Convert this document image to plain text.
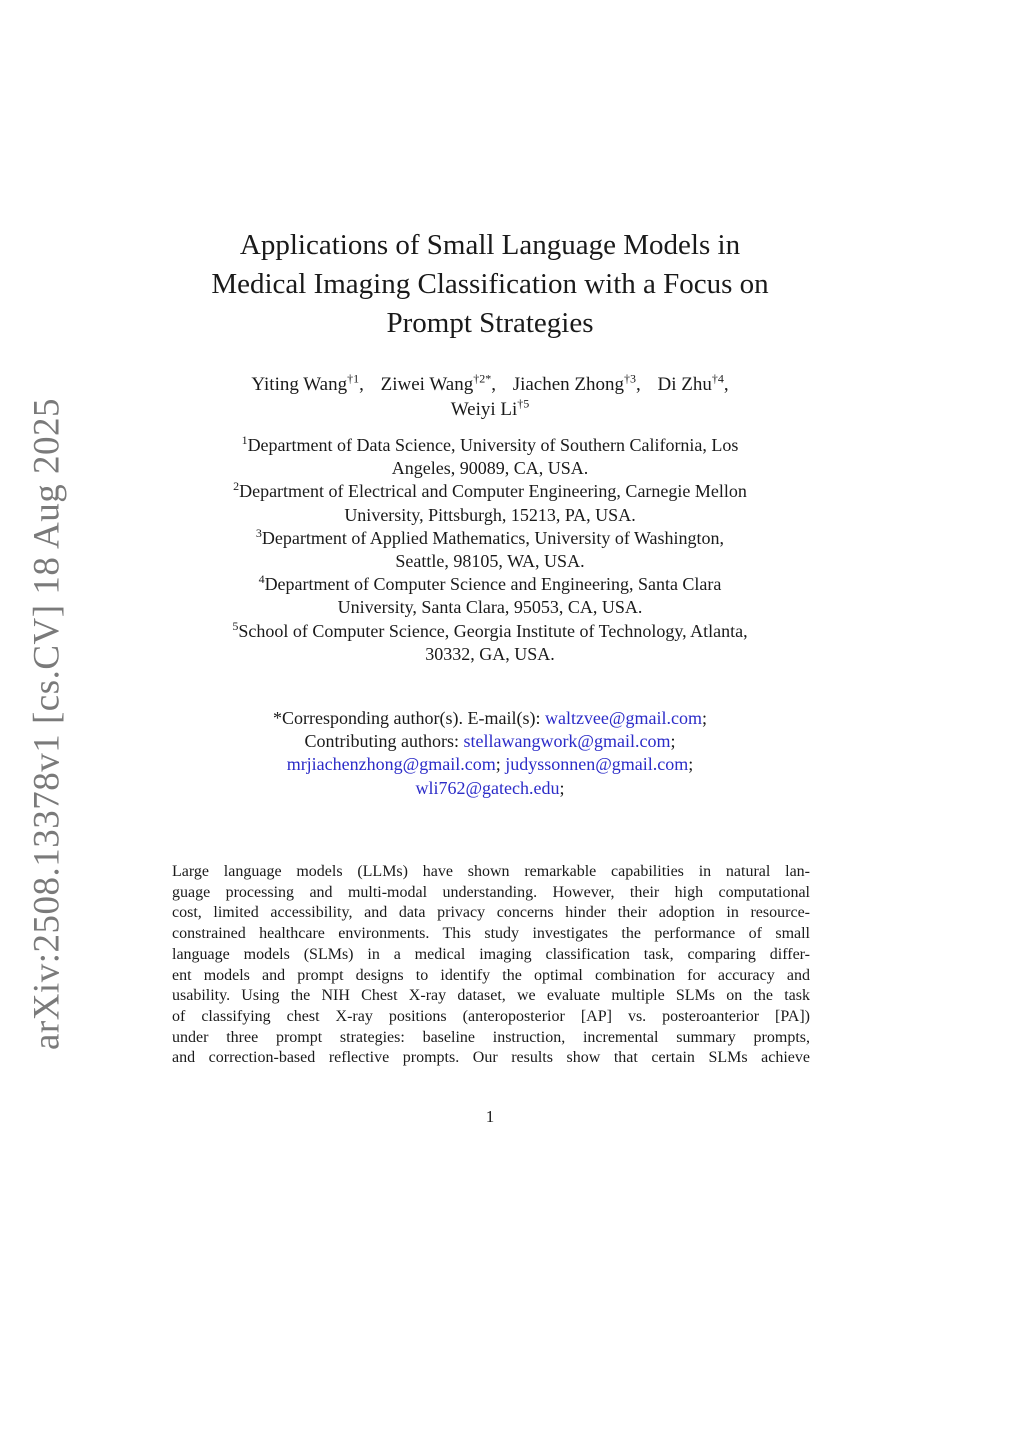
arXiv:2508.13378v1 [cs.CV] 18 Aug 2025
Applications of Small Language Models in
Medical Imaging Classification with a Focus on
Prompt Strategies
Yiting Wang$^{\dagger 1}$, Ziwei Wang$^{\dagger 2*}$, Jiachen Zhong$^{\dagger 3}$, Di Zhu$^{\dagger 4}$,
Weiyi Li$^{\dagger 5}$
$^1$Department of Data Science, University of Southern California, Los
Angeles, 90089, CA, USA.
$^2$Department of Electrical and Computer Engineering, Carnegie Mellon
University, Pittsburgh, 15213, PA, USA.
$^3$Department of Applied Mathematics, University of Washington,
Seattle, 98105, WA, USA.
$^4$Department of Computer Science and Engineering, Santa Clara
University, Santa Clara, 95053, CA, USA.
$^5$School of Computer Science, Georgia Institute of Technology, Atlanta,
30332, GA, USA.
*Corresponding author(s). E-mail(s): waltzvee@gmail.com;
Contributing authors: stellawangwork@gmail.com;
mrjiachenzhong@gmail.com; judyssonnen@gmail.com;
wli762@gatech.edu;
Large language models (LLMs) have shown remarkable capabilities in natural lan-
guage processing and multi-modal understanding. However, their high computational
cost, limited accessibility, and data privacy concerns hinder their adoption in resource-
constrained healthcare environments. This study investigates the performance of small
language models (SLMs) in a medical imaging classification task, comparing differ-
ent models and prompt designs to identify the optimal combination for accuracy and
usability. Using the NIH Chest X-ray dataset, we evaluate multiple SLMs on the task
of classifying chest X-ray positions (anteroposterior [AP] vs. posteroanterior [PA])
under three prompt strategies: baseline instruction, incremental summary prompts,
and correction-based reflective prompts. Our results show that certain SLMs achieve
1
